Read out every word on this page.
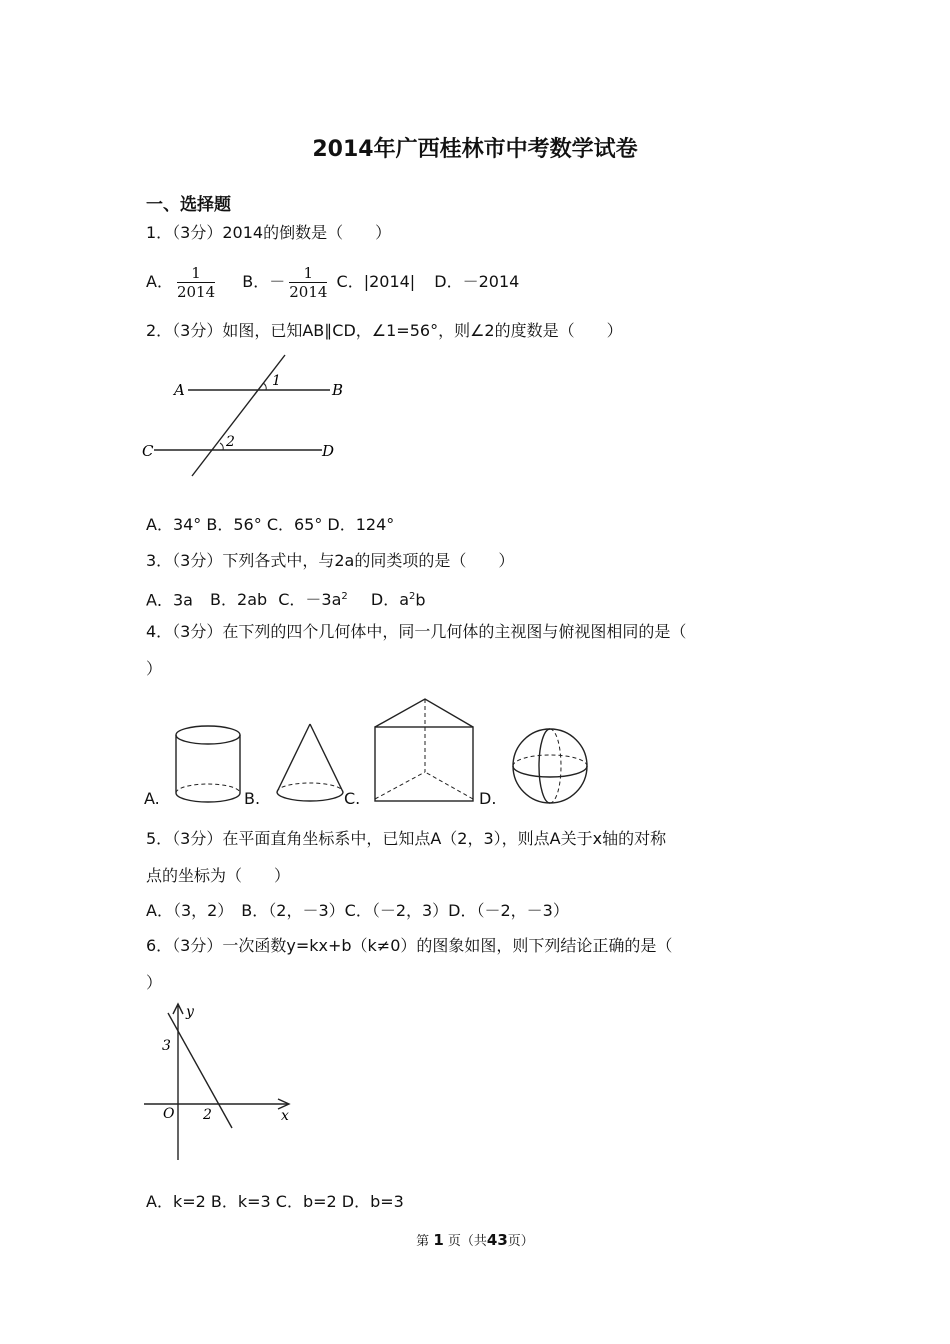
2014年广西桂林市中考数学试卷
一、选择题
1．（3分）2014的倒数是（　　）
A． $\frac{1}{2014}$ B．－ $\frac{1}{2014}$ C．|2014| D．－2014
2．（3分）如图，已知AB∥CD，∠1=56°，则∠2的度数是（　　）
A	B
C	D
1
2
A．34° B．56° C．65° D．124°
3．（3分）下列各式中，与2a的同类项的是（　　）
A．3a B．2ab C．$-3a^2$ D．$a^2b$
4．（3分）在下列的四个几何体中，同一几何体的主视图与俯视图相同的是（
）
A.	B.	C.	D.
5．（3分）在平面直角坐标系中，已知点A（2，3），则点A关于x轴的对称
点的坐标为（　　）
A．（3，2）　B．（2，－3）C．（－2，3）D．（－2，－3）
6．（3分）一次函数y=kx+b（k≠0）的图象如图，则下列结论正确的是（
）
y
x
O
3
2
A．k=2 B．k=3 C．b=2 D．b=3
第 1 页（共43页）
